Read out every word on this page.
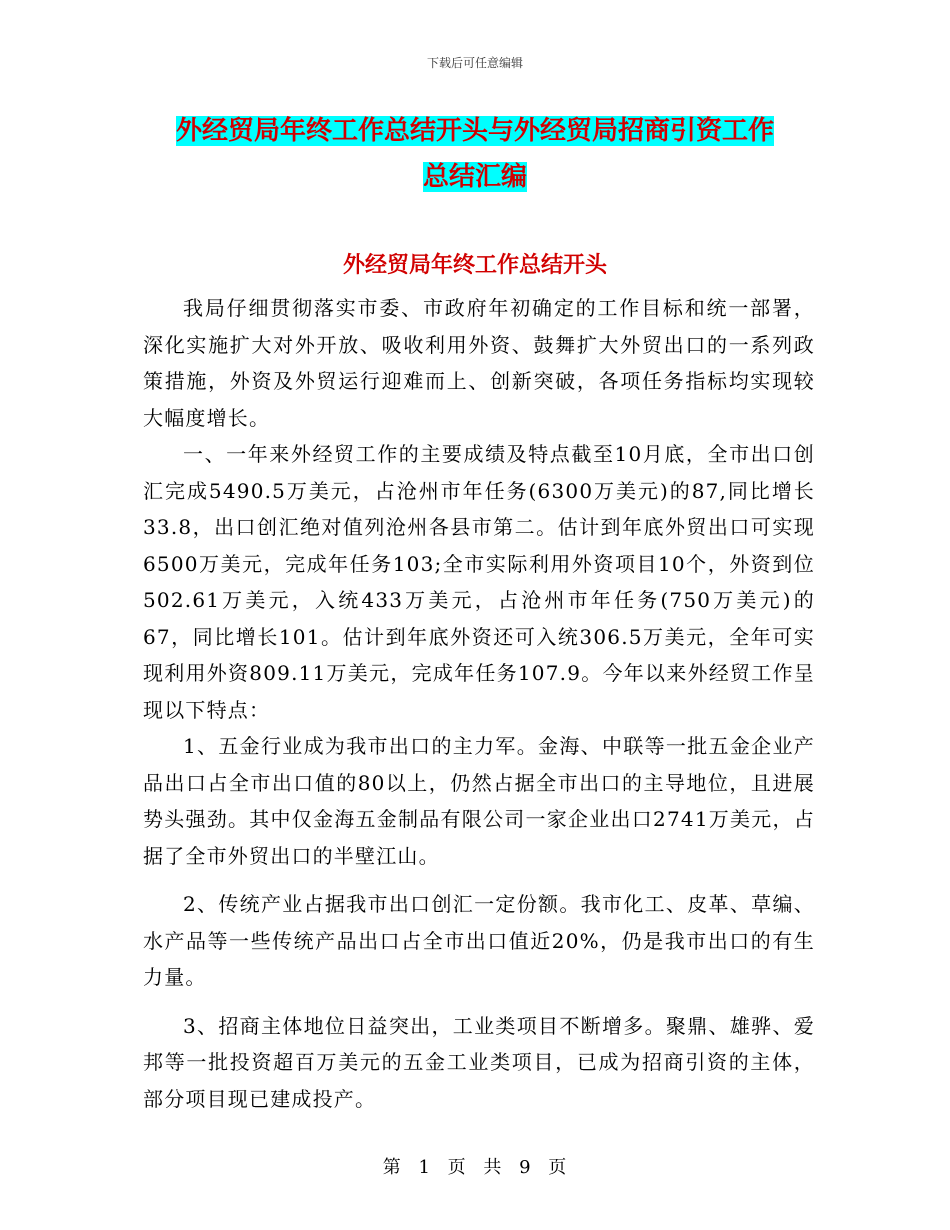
下载后可任意编辑
外经贸局年终工作总结开头与外经贸局招商引资工作
总结汇编
外经贸局年终工作总结开头

我局仔细贯彻落实市委、市政府年初确定的工作目标和统一部署，深化实施扩大对外开放、吸收利用外资、鼓舞扩大外贸出口的一系列政策措施，外资及外贸运行迎难而上、创新突破，各项任务指标均实现较大幅度增长。

一、一年来外经贸工作的主要成绩及特点截至10月底，全市出口创汇完成5490.5万美元，占沧州市年任务(6300万美元)的87,同比增长33.8，出口创汇绝对值列沧州各县市第二。估计到年底外贸出口可实现6500万美元，完成年任务103;全市实际利用外资项目10个，外资到位502.61万美元，入统433万美元，占沧州市年任务(750万美元)的67，同比增长101。估计到年底外资还可入统306.5万美元，全年可实现利用外资809.11万美元，完成年任务107.9。今年以来外经贸工作呈现以下特点：

1、五金行业成为我市出口的主力军。金海、中联等一批五金企业产品出口占全市出口值的80以上，仍然占据全市出口的主导地位，且进展势头强劲。其中仅金海五金制品有限公司一家企业出口2741万美元，占据了全市外贸出口的半壁江山。

2、传统产业占据我市出口创汇一定份额。我市化工、皮革、草编、水产品等一些传统产品出口占全市出口值近20%，仍是我市出口的有生力量。

3、招商主体地位日益突出，工业类项目不断增多。聚鼎、雄骅、爱邦等一批投资超百万美元的五金工业类项目，已成为招商引资的主体，部分项目现已建成投产。

第 1 页 共 9 页
